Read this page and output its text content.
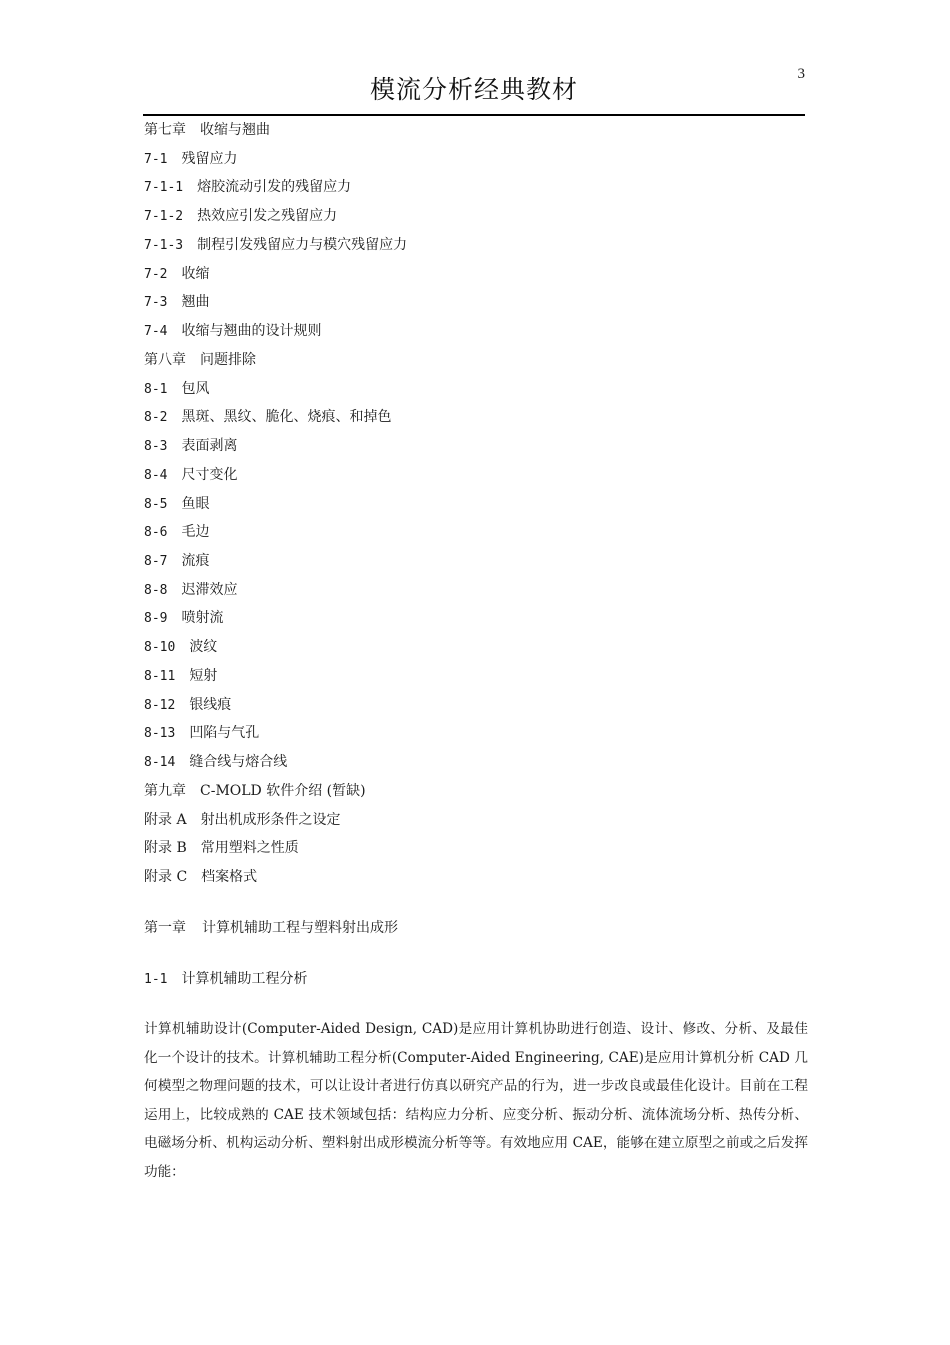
模流分析经典教材
3
第七章 收缩与翘曲
7-1 残留应力
7-1-1 熔胶流动引发的残留应力
7-1-2 热效应引发之残留应力
7-1-3 制程引发残留应力与模穴残留应力
7-2 收缩
7-3 翘曲
7-4 收缩与翘曲的设计规则
第八章 问题排除
8-1 包风
8-2 黑斑、黑纹、脆化、烧痕、和掉色
8-3 表面剥离
8-4 尺寸变化
8-5 鱼眼
8-6 毛边
8-7 流痕
8-8 迟滞效应
8-9 喷射流
8-10 波纹
8-11 短射
8-12 银线痕
8-13 凹陷与气孔
8-14 缝合线与熔合线
第九章 C-MOLD 软件介绍 (暂缺)
附录 A 射出机成形条件之设定
附录 B 常用塑料之性质
附录 C 档案格式
第一章 计算机辅助工程与塑料射出成形
1-1 计算机辅助工程分析

计算机辅助设计(Computer-Aided Design, CAD)是应用计算机协助进行创造、设计、修改、分析、及最佳化一个设计的技术。计算机辅助工程分析(Computer-Aided Engineering, CAE)是应用计算机分析 CAD 几何模型之物理问题的技术，可以让设计者进行仿真以研究产品的行为，进一步改良或最佳化设计。目前在工程运用上，比较成熟的 CAE 技术领域包括：结构应力分析、应变分析、振动分析、流体流场分析、热传分析、电磁场分析、机构运动分析、塑料射出成形模流分析等等。有效地应用 CAE，能够在建立原型之前或之后发挥功能：
